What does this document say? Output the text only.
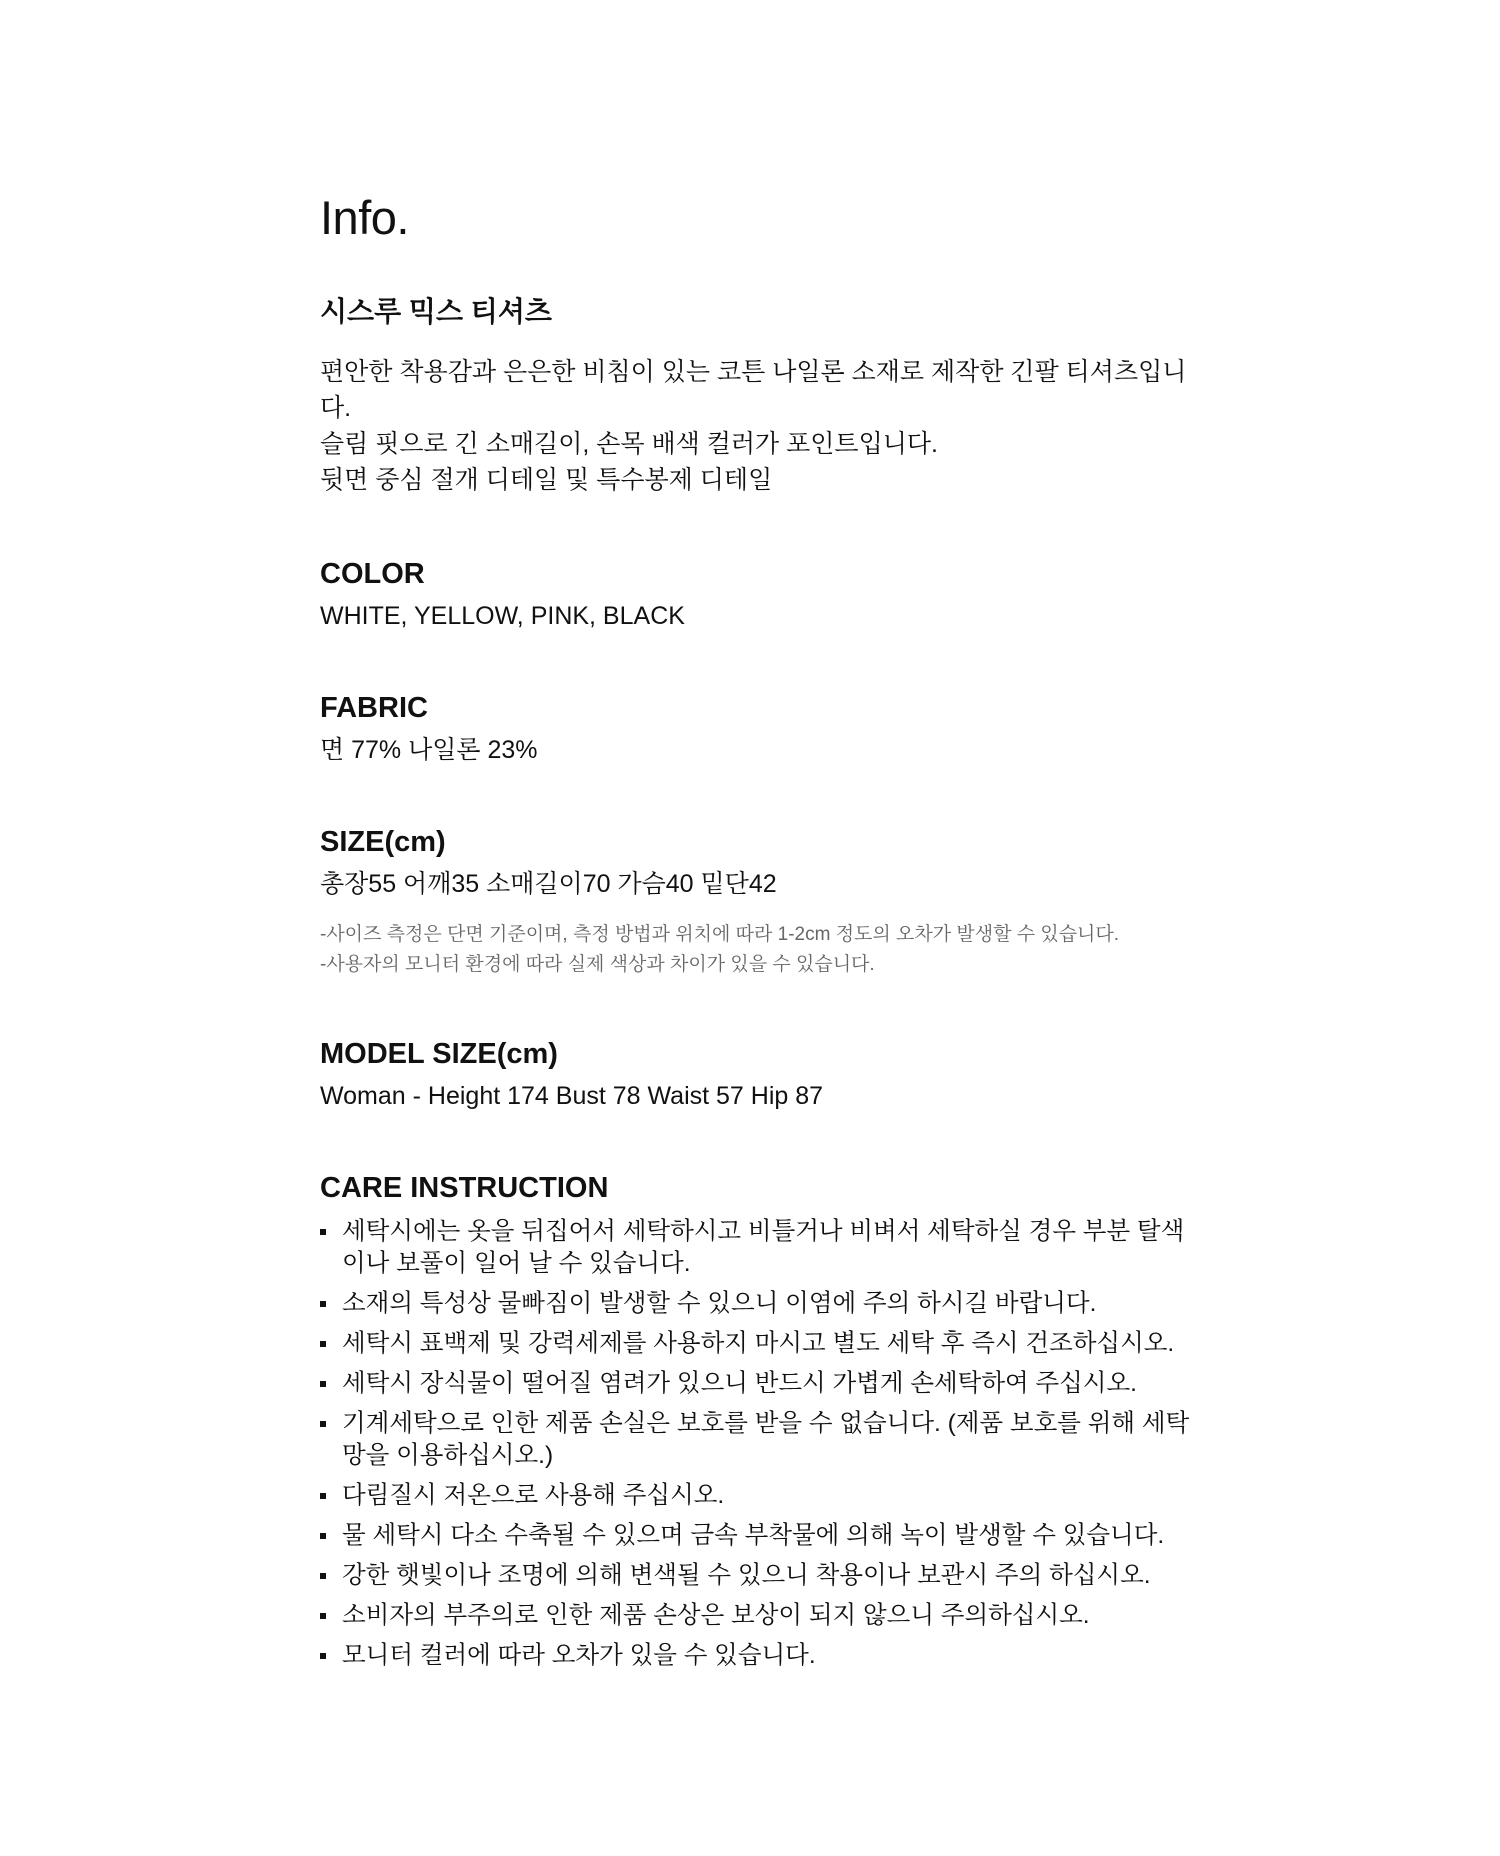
Info.
시스루 믹스 티셔츠

편안한 착용감과 은은한 비침이 있는 코튼 나일론 소재로 제작한 긴팔 티셔츠입니다.

슬림 핏으로 긴 소매길이, 손목 배색 컬러가 포인트입니다.

뒷면 중심 절개 디테일 및 특수봉제 디테일

COLOR

WHITE, YELLOW, PINK, BLACK

FABRIC

면 77% 나일론 23%

SIZE(cm)

총장55 어깨35 소매길이70 가슴40 밑단42

-사이즈 측정은 단면 기준이며, 측정 방법과 위치에 따라 1-2cm 정도의 오차가 발생할 수 있습니다.

-사용자의 모니터 환경에 따라 실제 색상과 차이가 있을 수 있습니다.

MODEL SIZE(cm)

Woman - Height 174 Bust 78 Waist 57 Hip 87

CARE INSTRUCTION
세탁시에는 옷을 뒤집어서 세탁하시고 비틀거나 비벼서 세탁하실 경우 부분 탈색이나 보풀이 일어 날 수 있습니다.
소재의 특성상 물빠짐이 발생할 수 있으니 이염에 주의 하시길 바랍니다.
세탁시 표백제 및 강력세제를 사용하지 마시고 별도 세탁 후 즉시 건조하십시오.
세탁시 장식물이 떨어질 염려가 있으니 반드시 가볍게 손세탁하여 주십시오.
기계세탁으로 인한 제품 손실은 보호를 받을 수 없습니다. (제품 보호를 위해 세탁망을 이용하십시오.)
다림질시 저온으로 사용해 주십시오.
물 세탁시 다소 수축될 수 있으며 금속 부착물에 의해 녹이 발생할 수 있습니다.
강한 햇빛이나 조명에 의해 변색될 수 있으니 착용이나 보관시 주의 하십시오.
소비자의 부주의로 인한 제품 손상은 보상이 되지 않으니 주의하십시오.
모니터 컬러에 따라 오차가 있을 수 있습니다.
